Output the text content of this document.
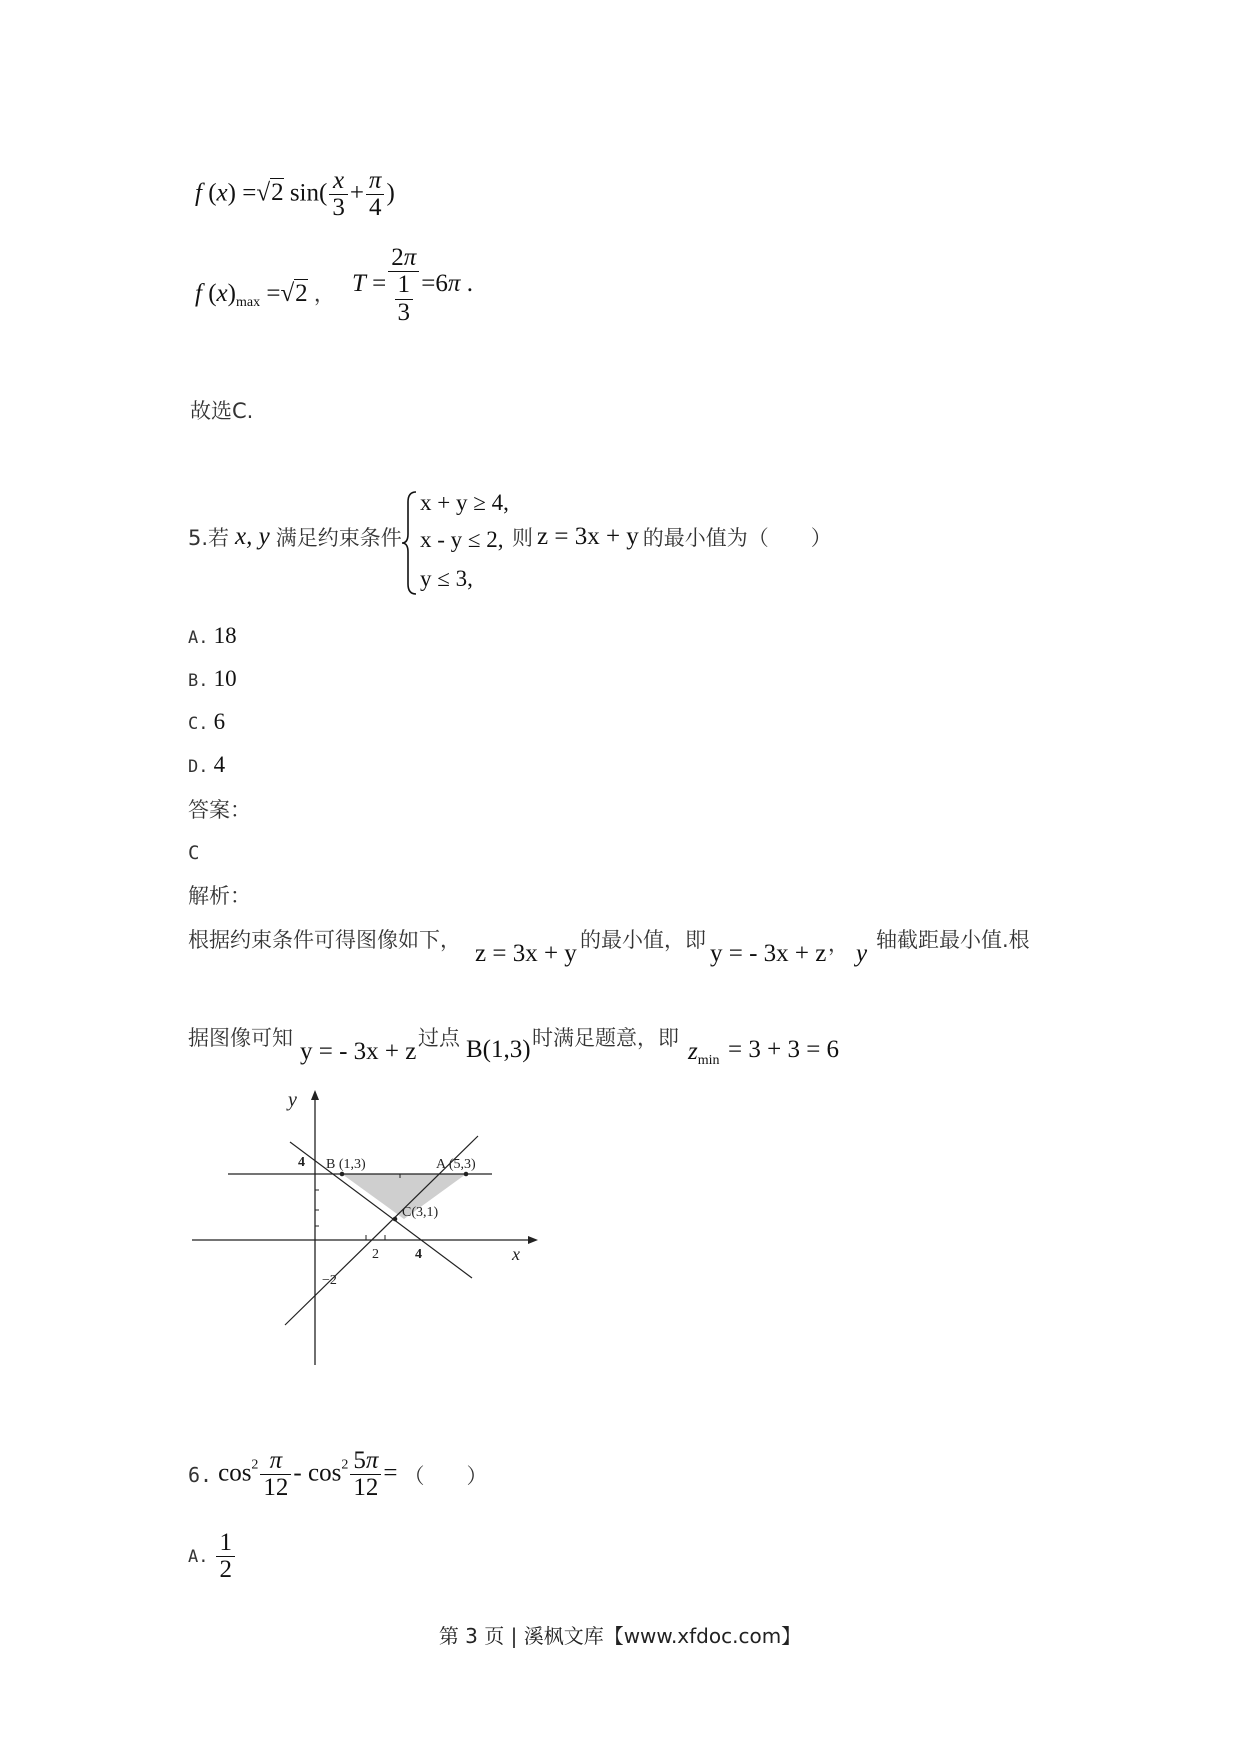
f (x) =√2 $\sin( \frac{x}{3} + \frac{\pi}{4}$ )
f $(x)_{max} =√2$ ， $T = \frac{2\pi}{\frac{1}{3}} =6\pi$ .
故选C.
5.若 x, y 满足约束条件
x + y ≥ 4,
x - y ≤ 2,
y ≤ 3,
则 z = 3x + y 的最小值为（　　）
A. 18
B. 10
C. 6
D. 4
答案：
C
解析：
根据约束条件可得图像如下， z = 3x + y 的最小值，即 y = - 3x + z ， y 轴截距最小值.根
据图像可知 y = - 3x + z 过点 B(1,3) 时满足题意，即 $z_{min} = 3 + 3 = 6$
y
x
4
2	4
−2
B (1,3)	A (5,3)
C(3,1)
6. $\cos^2 \frac{\pi}{12} - \cos^2 \frac{5\pi}{12}$ = （　　）
A. $\frac{1}{2}$
第 3 页 | 溪枫文库【www.xfdoc.com】
